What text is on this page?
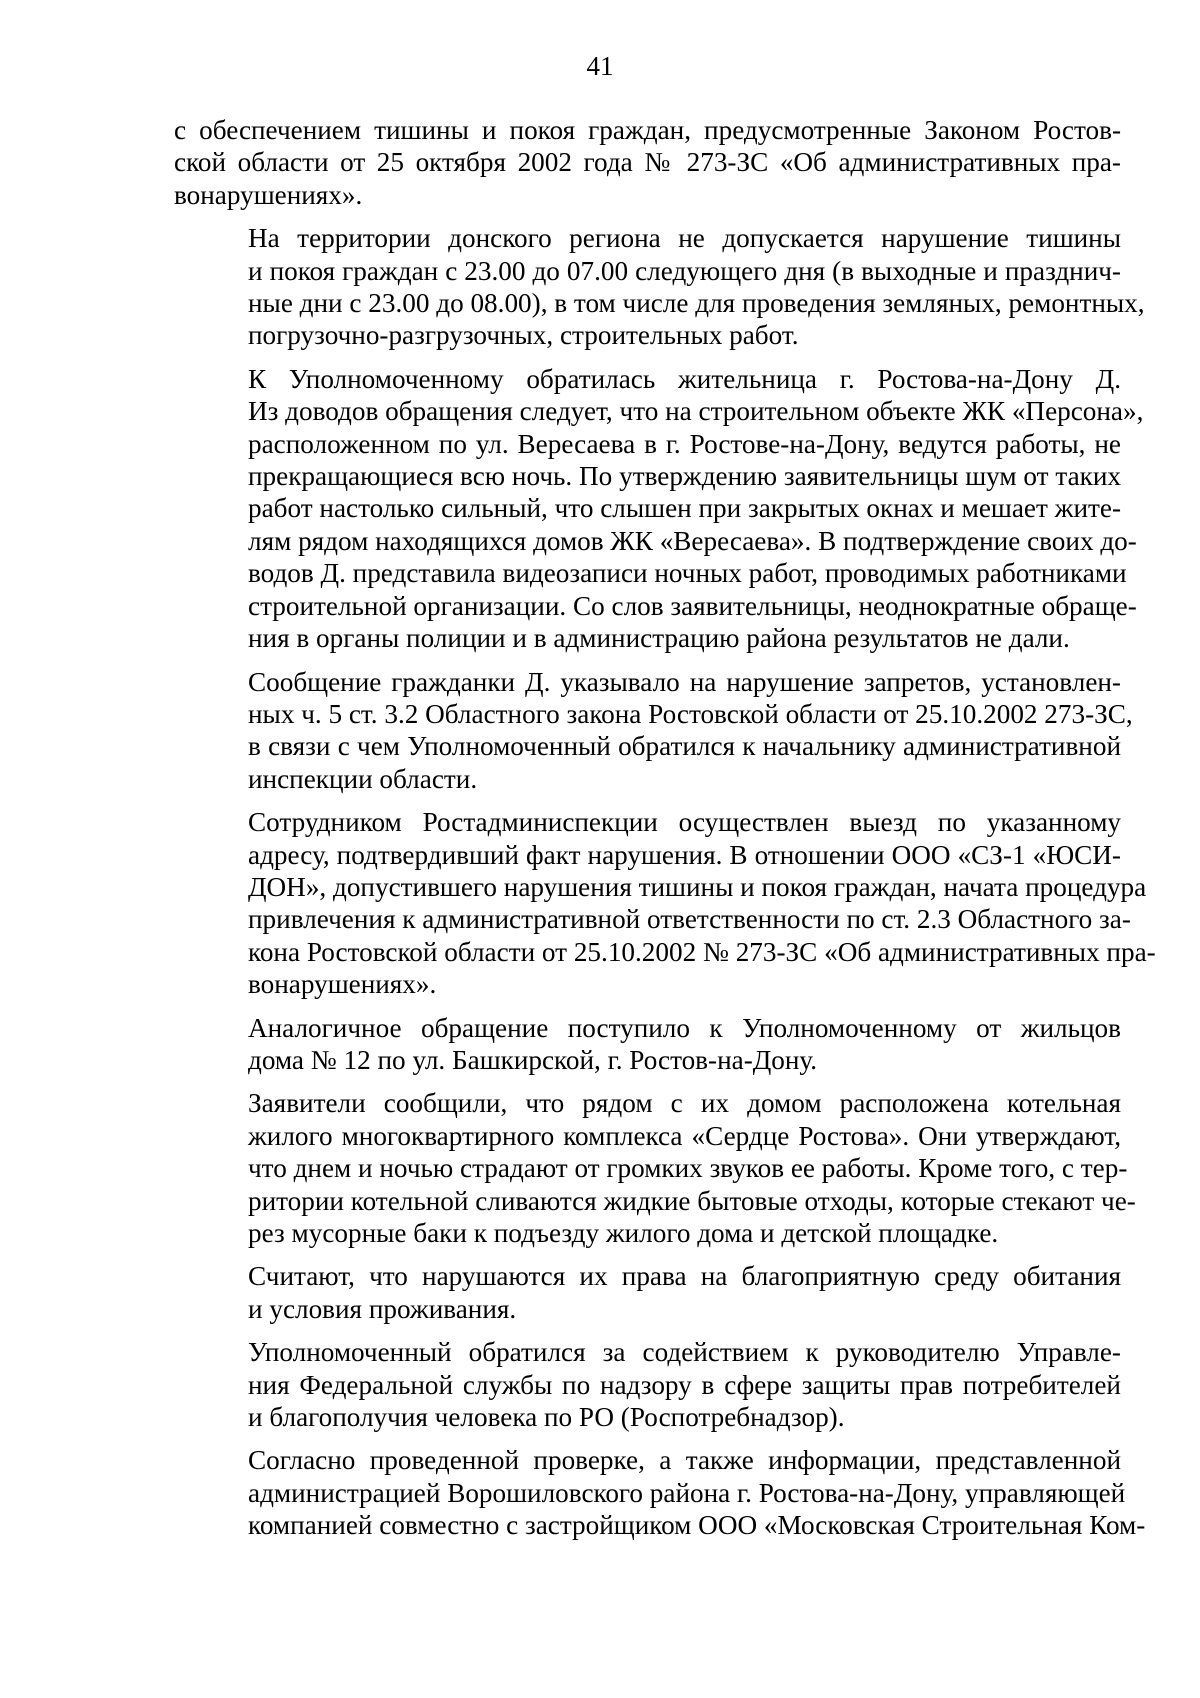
41
с обеспечением тишины и покоя граждан, предусмотренные Законом Ростов-
ской области от 25 октября 2002 года № 273-ЗС «Об административных пра-
вонарушениях».
На территории донского региона не допускается нарушение тишины
и покоя граждан с 23.00 до 07.00 следующего дня (в выходные и празднич-
ные дни с 23.00 до 08.00), в том числе для проведения земляных, ремонтных,
погрузочно-разгрузочных, строительных работ.
К Уполномоченному обратилась жительница г. Ростова-на-Дону Д.
Из доводов обращения следует, что на строительном объекте ЖК «Персона»,
расположенном по ул. Вересаева в г. Ростове-на-Дону, ведутся работы, не
прекращающиеся всю ночь. По утверждению заявительницы шум от таких
работ настолько сильный, что слышен при закрытых окнах и мешает жите-
лям рядом находящихся домов ЖК «Вересаева». В подтверждение своих до-
водов Д. представила видеозаписи ночных работ, проводимых работниками
строительной организации. Со слов заявительницы, неоднократные обраще-
ния в органы полиции и в администрацию района результатов не дали.
Сообщение гражданки Д. указывало на нарушение запретов, установлен-
ных ч. 5 ст. 3.2 Областного закона Ростовской области от 25.10.2002 273-ЗС,
в связи с чем Уполномоченный обратился к начальнику административной
инспекции области.
Сотрудником Ростадминиспекции осуществлен выезд по указанному
адресу, подтвердивший факт нарушения. В отношении ООО «СЗ-1 «ЮСИ-
ДОН», допустившего нарушения тишины и покоя граждан, начата процедура
привлечения к административной ответственности по ст. 2.3 Областного за-
кона Ростовской области от 25.10.2002 № 273-ЗС «Об административных пра-
вонарушениях».
Аналогичное обращение поступило к Уполномоченному от жильцов
дома № 12 по ул. Башкирской, г. Ростов-на-Дону.
Заявители сообщили, что рядом с их домом расположена котельная
жилого многоквартирного комплекса «Сердце Ростова». Они утверждают,
что днем и ночью страдают от громких звуков ее работы. Кроме того, с тер-
ритории котельной сливаются жидкие бытовые отходы, которые стекают че-
рез мусорные баки к подъезду жилого дома и детской площадке.
Считают, что нарушаются их права на благоприятную среду обитания
и условия проживания.
Уполномоченный обратился за содействием к руководителю Управле-
ния Федеральной службы по надзору в сфере защиты прав потребителей
и благополучия человека по РО (Роспотребнадзор).
Согласно проведенной проверке, а также информации, представленной
администрацией Ворошиловского района г. Ростова-на-Дону, управляющей
компанией совместно с застройщиком ООО «Московская Строительная Ком-
